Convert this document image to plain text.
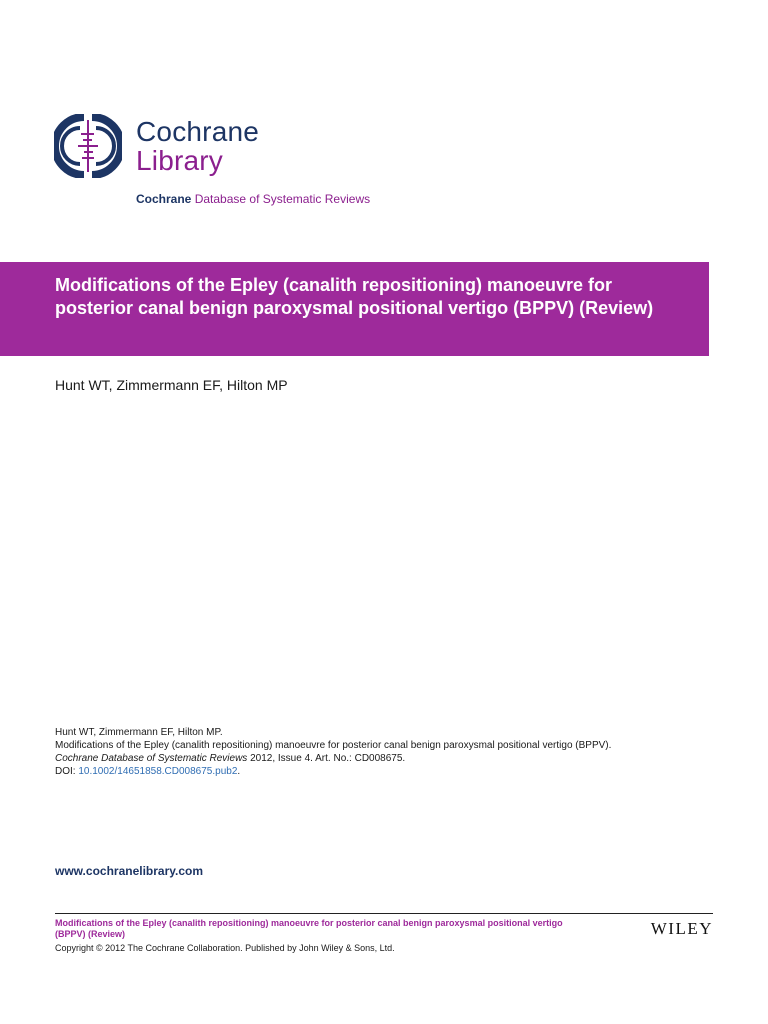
Cochrane
Library
Cochrane Database of Systematic Reviews
Modifications of the Epley (canalith repositioning) manoeuvre for posterior canal benign paroxysmal positional vertigo (BPPV) (Review)
Hunt WT, Zimmermann EF, Hilton MP
Hunt WT, Zimmermann EF, Hilton MP.
Modifications of the Epley (canalith repositioning) manoeuvre for posterior canal benign paroxysmal positional vertigo (BPPV).
Cochrane Database of Systematic Reviews 2012, Issue 4. Art. No.: CD008675.
DOI: 10.1002/14651858.CD008675.pub2.
www.cochranelibrary.com
Modifications of the Epley (canalith repositioning) manoeuvre for posterior canal benign paroxysmal positional vertigo (BPPV) (Review)
Copyright © 2012 The Cochrane Collaboration. Published by John Wiley & Sons, Ltd.
WILEY
